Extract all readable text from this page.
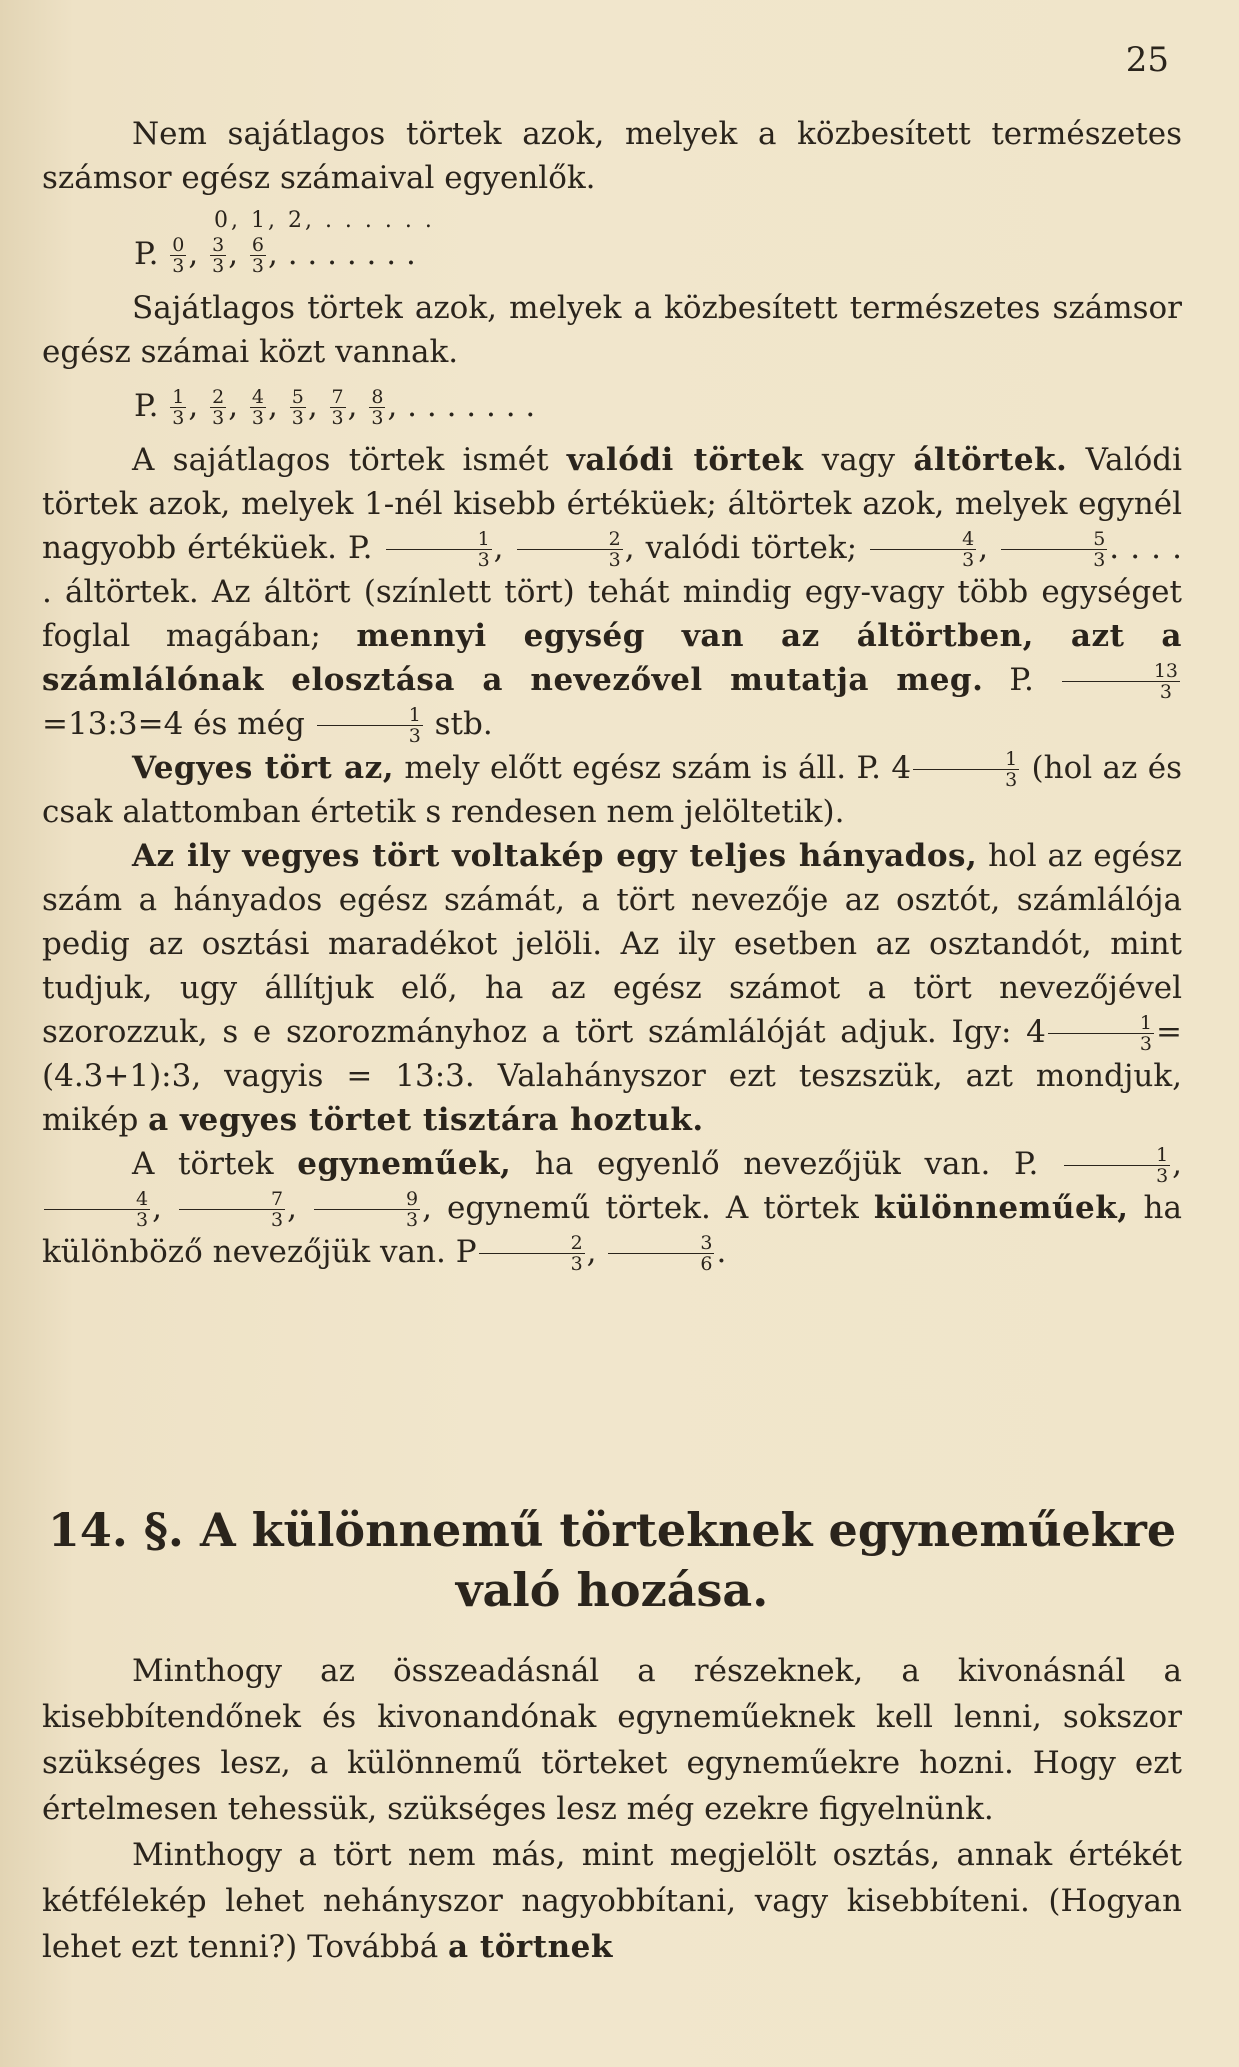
25

Nem sajátlagos törtek azok, melyek a közbesített természetes számsor egész számaival egyenlők.

0, 1, 2, . . . . . .
P. $\frac{0}{3}$ , $\frac{3}{3}$ , $\frac{6}{3}$ , . . . . . . .

Sajátlagos törtek azok, melyek a közbesített természetes számsor egész számai közt vannak.

P. $\frac{1}{3}$ , $\frac{2}{3}$ , $\frac{4}{3}$ , $\frac{5}{3}$ , $\frac{7}{3}$ , $\frac{8}{3}$ , . . . . . . .

A sajátlagos törtek ismét valódi törtek vagy áltörtek. Valódi törtek azok, melyek 1-nél kisebb értéküek; áltörtek azok, melyek egynél nagyobb értéküek. P. $\frac{1}{3}$ , $\frac{2}{3}$ , valódi törtek; $\frac{4}{3}$ , $\frac{5}{3}$ . . . . . áltörtek. Az áltört (színlett tört) tehát mindig egy-vagy több egységet foglal magában; mennyi egység van az áltörtben, azt a számlálónak elosztása a nevezővel mutatja meg. P. $\frac{13}{3}$
=13:3=4 és még $\frac{1}{3}$ stb.

Vegyes tört az, mely előtt egész szám is áll. P. $4 \frac{1}{3} (hol$ az és csak alattomban értetik s rendesen nem jelöltetik).

Az ily vegyes tört voltakép egy teljes hányados, hol az egész szám a hányados egész számát, a tört nevezője az osztót, számlálója pedig az osztási maradékot jelöli. Az ily esetben az osztandót, mint tudjuk, ugy állítjuk elő, ha az egész számot a tört nevezőjével szorozzuk, s e szorozmányhoz a tört számlálóját adjuk. Igy: $4 \frac{1}{3}$ =(4.3+1):3, vagyis = 13:3. Valahányszor ezt teszszük, azt mondjuk, mikép a vegyes törtet tisztára hoztuk.

A törtek egyneműek, ha egyenlő nevezőjük van. P. $\frac{1}{3}$ ,
$\frac{4}{3}$ , $\frac{7}{3}$ , $\frac{9}{3}$ , egynemű törtek. A törtek különneműek, ha különböző nevezőjük van. P $\frac{2}{3}$ , $\frac{3}{6}$ .

14. §. A különnemű törteknek egyneműekre való hozása.

Minthogy az összeadásnál a részeknek, a kivonásnál a kisebbítendőnek és kivonandónak egyneműeknek kell lenni, sokszor szükséges lesz, a különnemű törteket egyneműekre hozni. Hogy ezt értelmesen tehessük, szükséges lesz még ezekre figyelnünk.

Minthogy a tört nem más, mint megjelölt osztás, annak értékét kétfélekép lehet nehányszor nagyobbítani, vagy kisebbíteni. (Hogyan lehet ezt tenni?) Továbbá a törtnek
